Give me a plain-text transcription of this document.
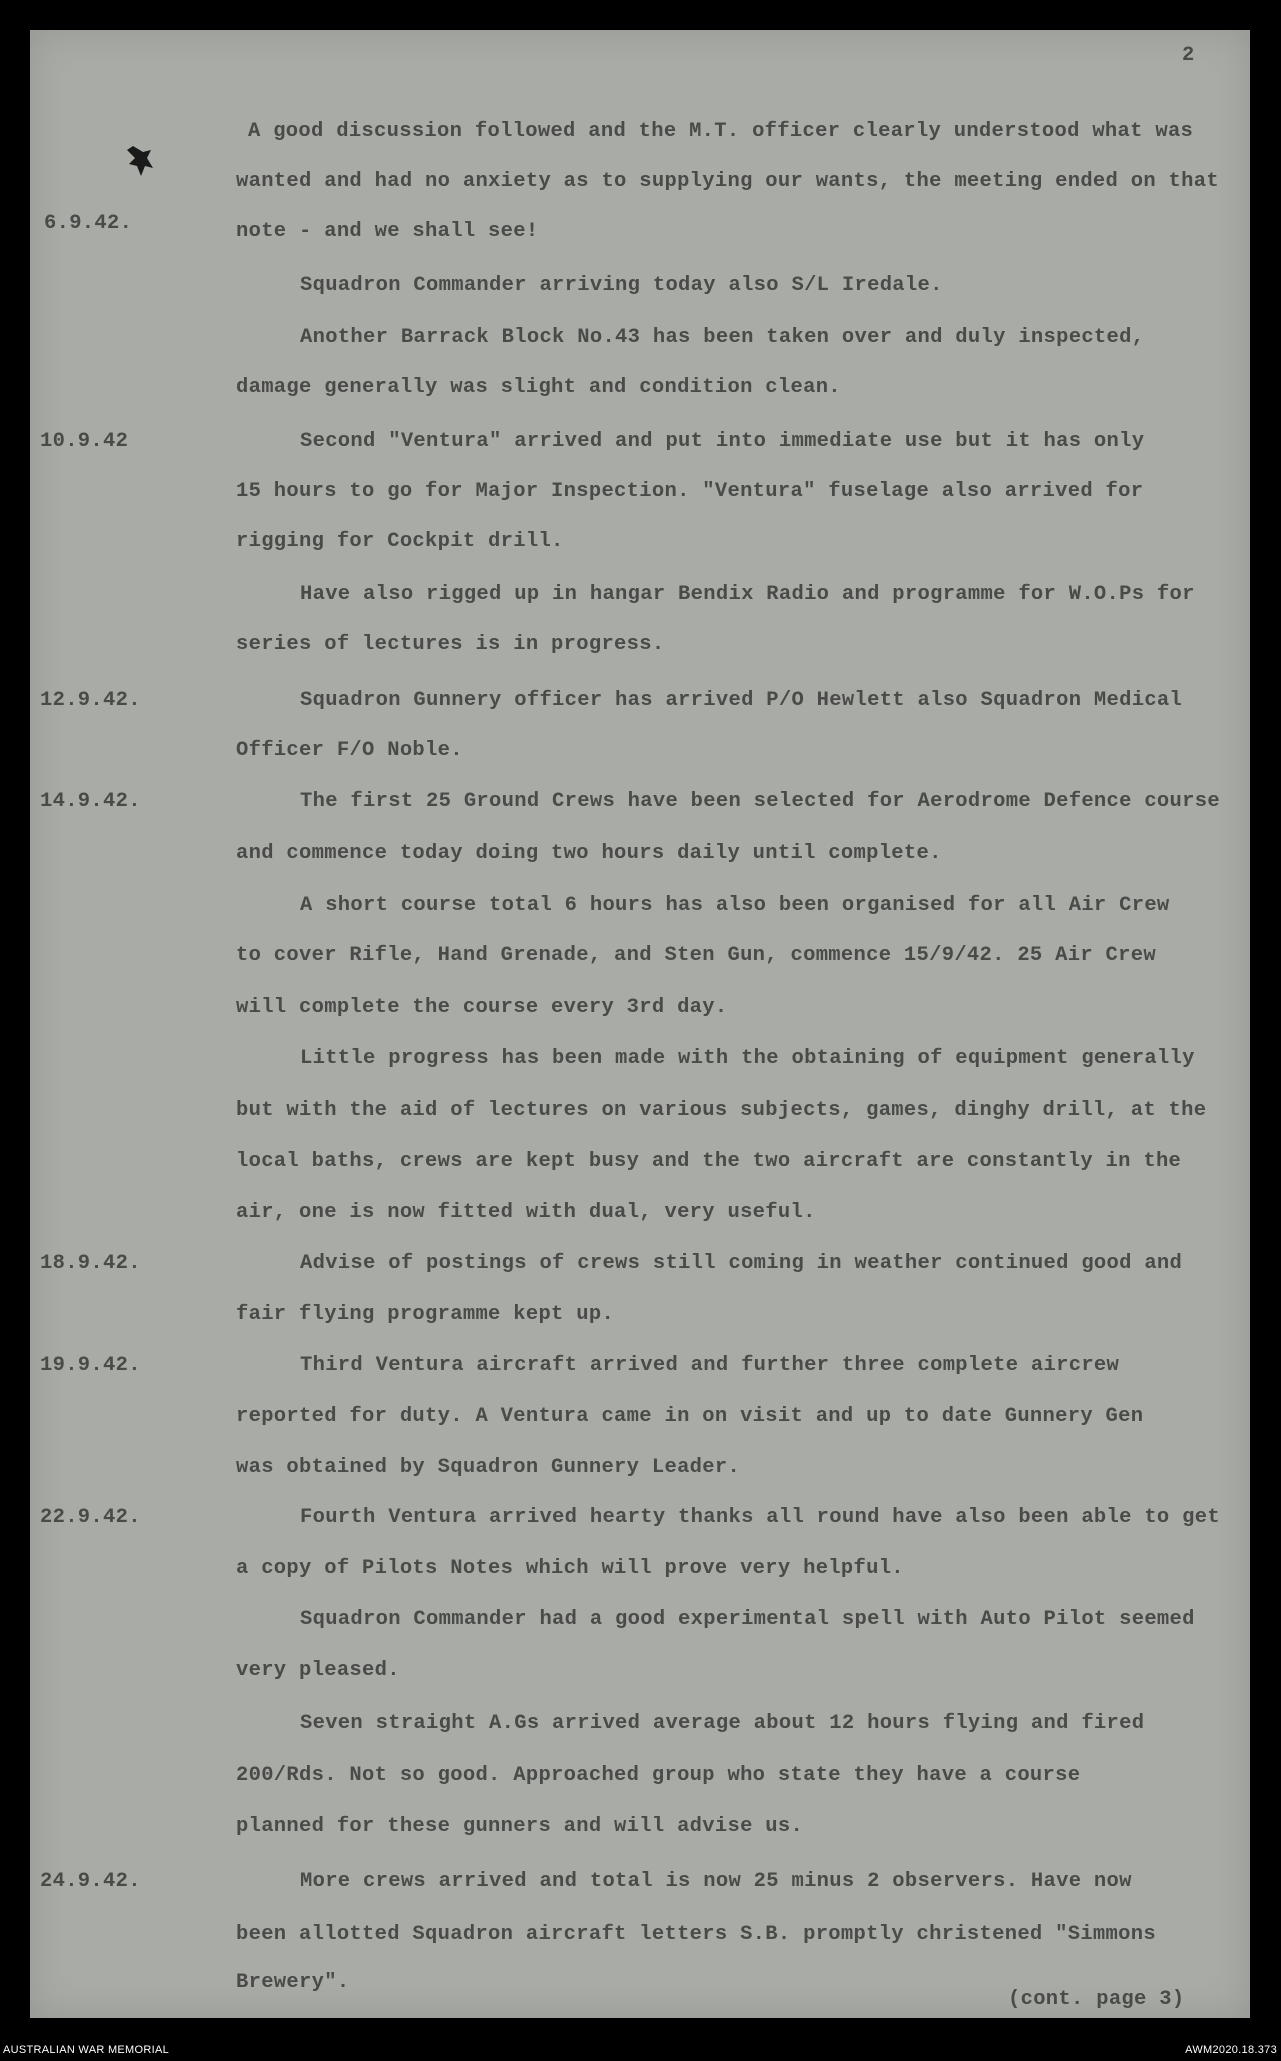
2
6.9.42.
10.9.42
12.9.42.
14.9.42.
18.9.42.
19.9.42.
22.9.42.
24.9.42.
A good discussion followed and the M.T. officer clearly understood what was
wanted and had no anxiety as to supplying our wants, the meeting ended on that
note - and we shall see!
Squadron Commander arriving today also S/L Iredale.
Another Barrack Block No.43 has been taken over and duly inspected,
damage generally was slight and condition clean.
Second "Ventura" arrived and put into immediate use but it has only
15 hours to go for Major Inspection. "Ventura" fuselage also arrived for
rigging for Cockpit drill.
Have also rigged up in hangar Bendix Radio and programme for W.O.Ps for
series of lectures is in progress.
Squadron Gunnery officer has arrived P/O Hewlett also Squadron Medical
Officer F/O Noble.
The first 25 Ground Crews have been selected for Aerodrome Defence course
and commence today doing two hours daily until complete.
A short course total 6 hours has also been organised for all Air Crew
to cover Rifle, Hand Grenade, and Sten Gun, commence 15/9/42. 25 Air Crew
will complete the course every 3rd day.
Little progress has been made with the obtaining of equipment generally
but with the aid of lectures on various subjects, games, dinghy drill, at the
local baths, crews are kept busy and the two aircraft are constantly in the
air, one is now fitted with dual, very useful.
Advise of postings of crews still coming in weather continued good and
fair flying programme kept up.
Third Ventura aircraft arrived and further three complete aircrew
reported for duty. A Ventura came in on visit and up to date Gunnery Gen
was obtained by Squadron Gunnery Leader.
Fourth Ventura arrived hearty thanks all round have also been able to get
a copy of Pilots Notes which will prove very helpful.
Squadron Commander had a good experimental spell with Auto Pilot seemed
very pleased.
Seven straight A.Gs arrived average about 12 hours flying and fired
200/Rds. Not so good. Approached group who state they have a course
planned for these gunners and will advise us.
More crews arrived and total is now 25 minus 2 observers. Have now
been allotted Squadron aircraft letters S.B. promptly christened "Simmons
Brewery".
(cont. page 3)
AUSTRALIAN WAR MEMORIAL	AWM2020.18.373
